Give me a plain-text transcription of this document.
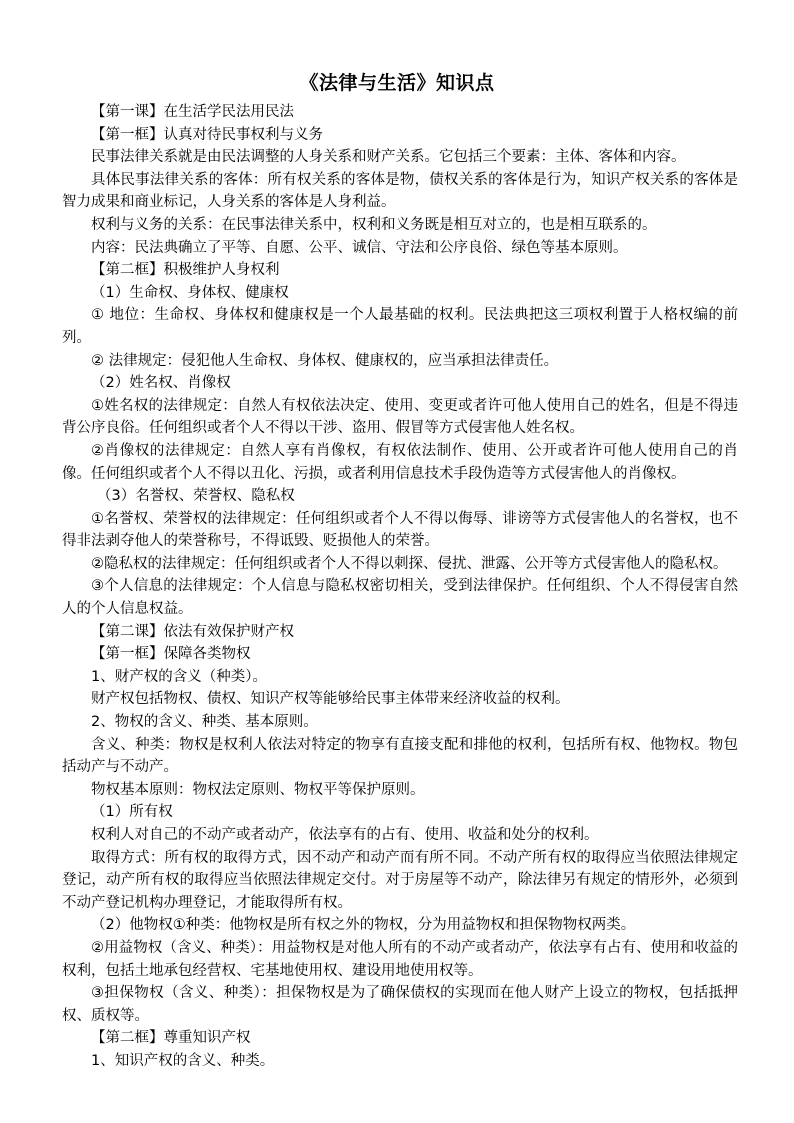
《法律与生活》知识点

【第一课】在生活学民法用民法

【第一框】认真对待民事权利与义务

民事法律关系就是由民法调整的人身关系和财产关系。它包括三个要素：主体、客体和内容。

具体民事法律关系的客体：所有权关系的客体是物，债权关系的客体是行为，知识产权关系的客体是智力成果和商业标记，人身关系的客体是人身利益。

权利与义务的关系：在民事法律关系中，权利和义务既是相互对立的，也是相互联系的。

内容：民法典确立了平等、自愿、公平、诚信、守法和公序良俗、绿色等基本原则。

【第二框】积极维护人身权利

（1）生命权、身体权、健康权

① 地位：生命权、身体权和健康权是一个人最基础的权利。民法典把这三项权利置于人格权编的前列。

② 法律规定：侵犯他人生命权、身体权、健康权的，应当承担法律责任。

（2）姓名权、肖像权

①姓名权的法律规定：自然人有权依法决定、使用、变更或者许可他人使用自己的姓名，但是不得违背公序良俗。任何组织或者个人不得以干涉、盗用、假冒等方式侵害他人姓名权。

②肖像权的法律规定：自然人享有肖像权，有权依法制作、使用、公开或者许可他人使用自己的肖像。任何组织或者个人不得以丑化、污损，或者利用信息技术手段伪造等方式侵害他人的肖像权。

（3）名誉权、荣誉权、隐私权

①名誉权、荣誉权的法律规定：任何组织或者个人不得以侮辱、诽谤等方式侵害他人的名誉权，也不得非法剥夺他人的荣誉称号，不得诋毁、贬损他人的荣誉。

②隐私权的法律规定：任何组织或者个人不得以刺探、侵扰、泄露、公开等方式侵害他人的隐私权。

③个人信息的法律规定：个人信息与隐私权密切相关，受到法律保护。任何组织、个人不得侵害自然人的个人信息权益。

【第二课】依法有效保护财产权

【第一框】保障各类物权

1、财产权的含义（种类）。

财产权包括物权、债权、知识产权等能够给民事主体带来经济收益的权利。

2、物权的含义、种类、基本原则。

含义、种类：物权是权利人依法对特定的物享有直接支配和排他的权利，包括所有权、他物权。物包括动产与不动产。

物权基本原则：物权法定原则、物权平等保护原则。

（1）所有权

权利人对自己的不动产或者动产，依法享有的占有、使用、收益和处分的权利。

取得方式：所有权的取得方式，因不动产和动产而有所不同。不动产所有权的取得应当依照法律规定登记，动产所有权的取得应当依照法律规定交付。对于房屋等不动产，除法律另有规定的情形外，必须到不动产登记机构办理登记，才能取得所有权。

（2）他物权①种类：他物权是所有权之外的物权，分为用益物权和担保物物权两类。

②用益物权（含义、种类）：用益物权是对他人所有的不动产或者动产，依法享有占有、使用和收益的权利，包括土地承包经营权、宅基地使用权、建设用地使用权等。

③担保物权（含义、种类）：担保物权是为了确保债权的实现而在他人财产上设立的物权，包括抵押权、质权等。

【第二框】尊重知识产权

1、知识产权的含义、种类。
